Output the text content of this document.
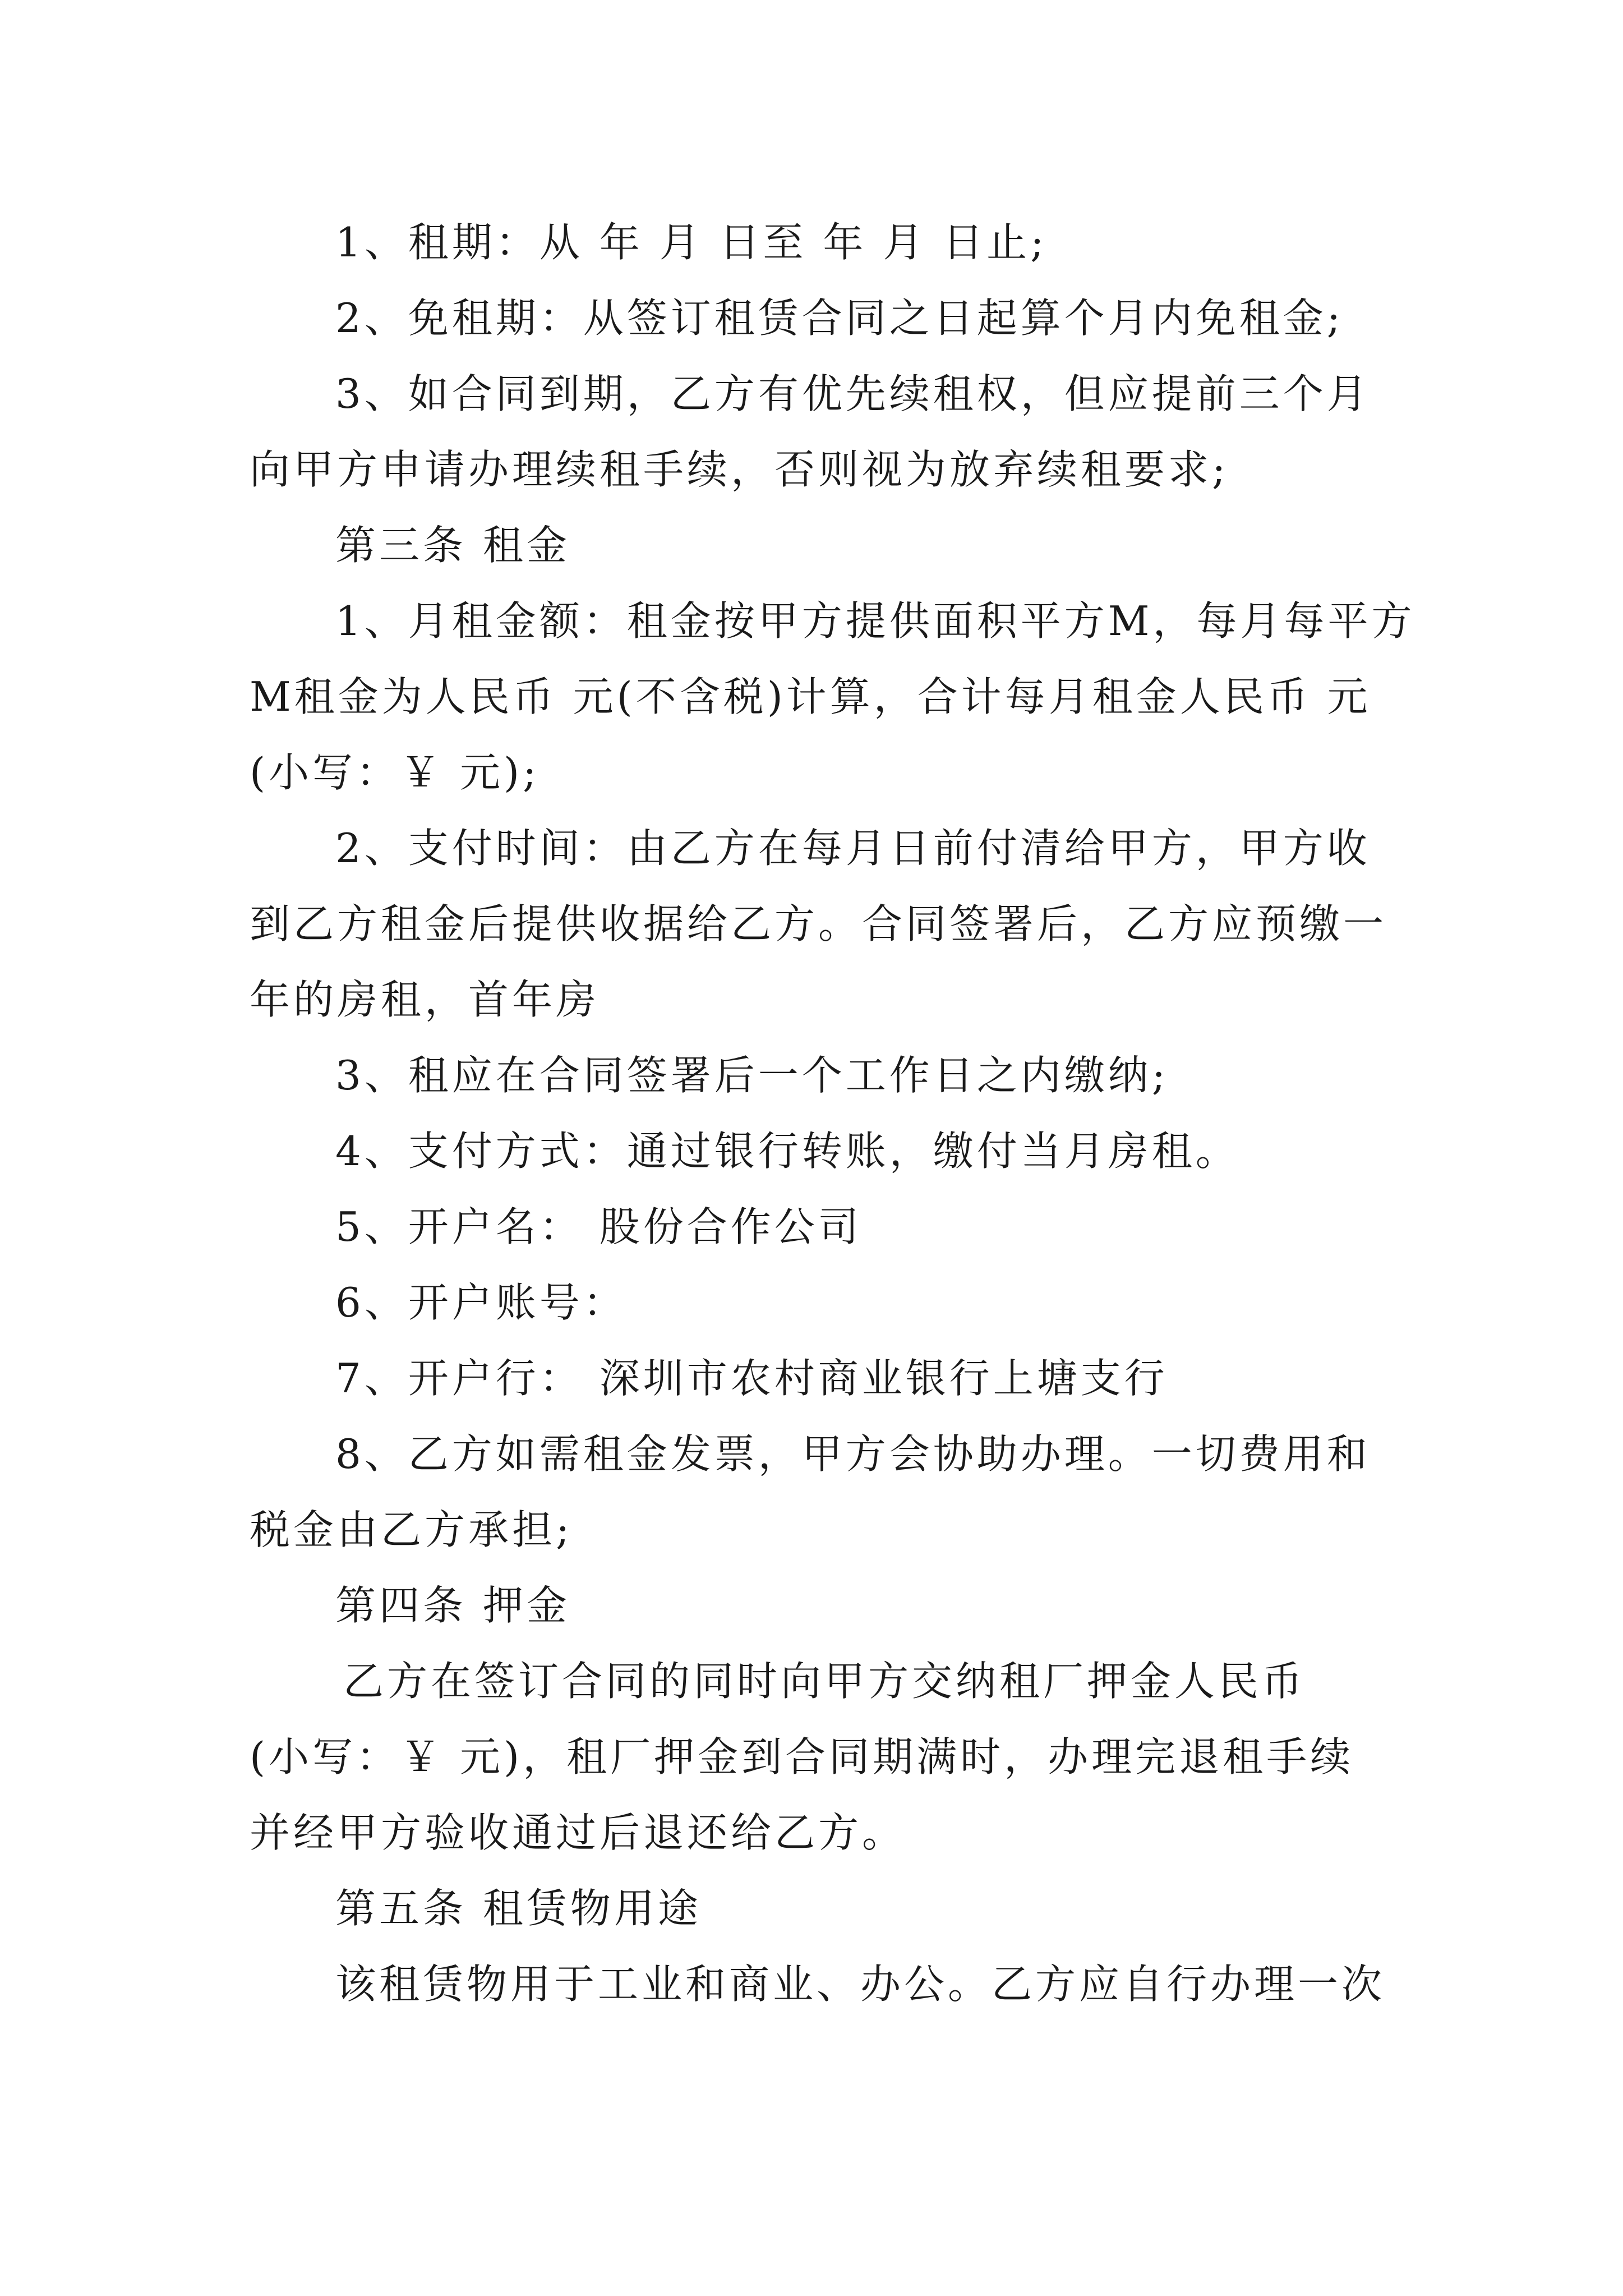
1、租期：从 年 月 日至 年 月 日止;
2、免租期：从签订租赁合同之日起算个月内免租金;
3、如合同到期，乙方有优先续租权，但应提前三个月
向甲方申请办理续租手续，否则视为放弃续租要求;
第三条 租金
1、月租金额：租金按甲方提供面积平方M，每月每平方
M租金为人民币 元(不含税)计算，合计每月租金人民币 元
(小写：￥ 元);
2、支付时间：由乙方在每月日前付清给甲方，甲方收
到乙方租金后提供收据给乙方。合同签署后，乙方应预缴一
年的房租，首年房
3、租应在合同签署后一个工作日之内缴纳;
4、支付方式：通过银行转账，缴付当月房租。
5、开户名： 股份合作公司
6、开户账号：
7、开户行： 深圳市农村商业银行上塘支行
8、乙方如需租金发票，甲方会协助办理。一切费用和
税金由乙方承担;
第四条 押金
乙方在签订合同的同时向甲方交纳租厂押金人民币
(小写：￥ 元)，租厂押金到合同期满时，办理完退租手续
并经甲方验收通过后退还给乙方。
第五条 租赁物用途
该租赁物用于工业和商业、办公。乙方应自行办理一次
